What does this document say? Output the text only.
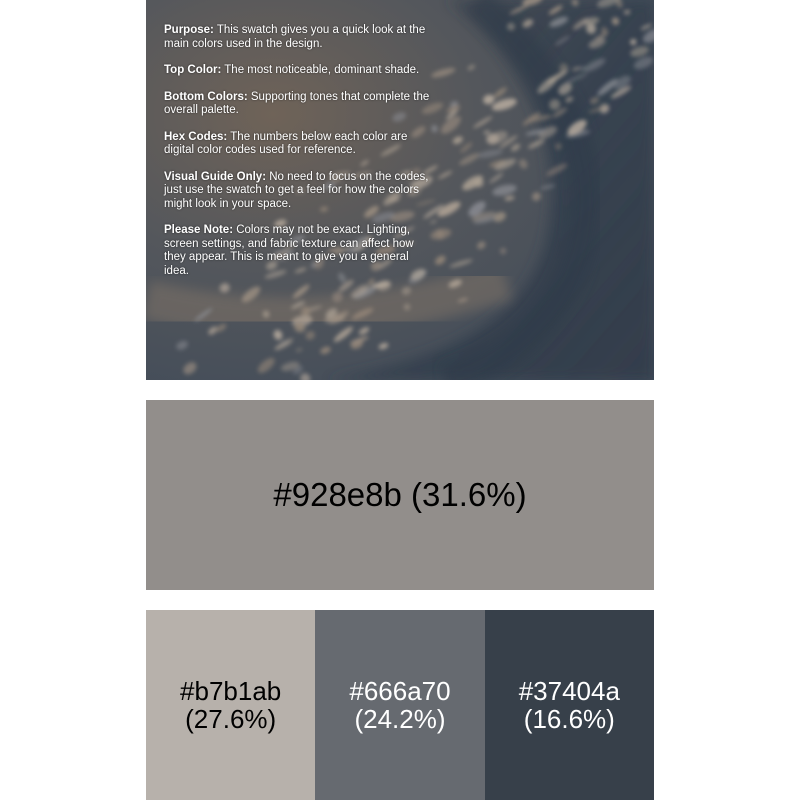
Purpose: This swatch gives you a quick look at the main colors used in the design.

Top Color: The most noticeable, dominant shade.

Bottom Colors: Supporting tones that complete the overall palette.

Hex Codes: The numbers below each color are digital color codes used for reference.

Visual Guide Only: No need to focus on the codes, just use the swatch to get a feel for how the colors might look in your space.

Please Note: Colors may not be exact. Lighting, screen settings, and fabric texture can affect how they appear. This is meant to give you a general idea.

#928e8b (31.6%)
#b7b1ab
(27.6%)
#666a70
(24.2%)
#37404a
(16.6%)
